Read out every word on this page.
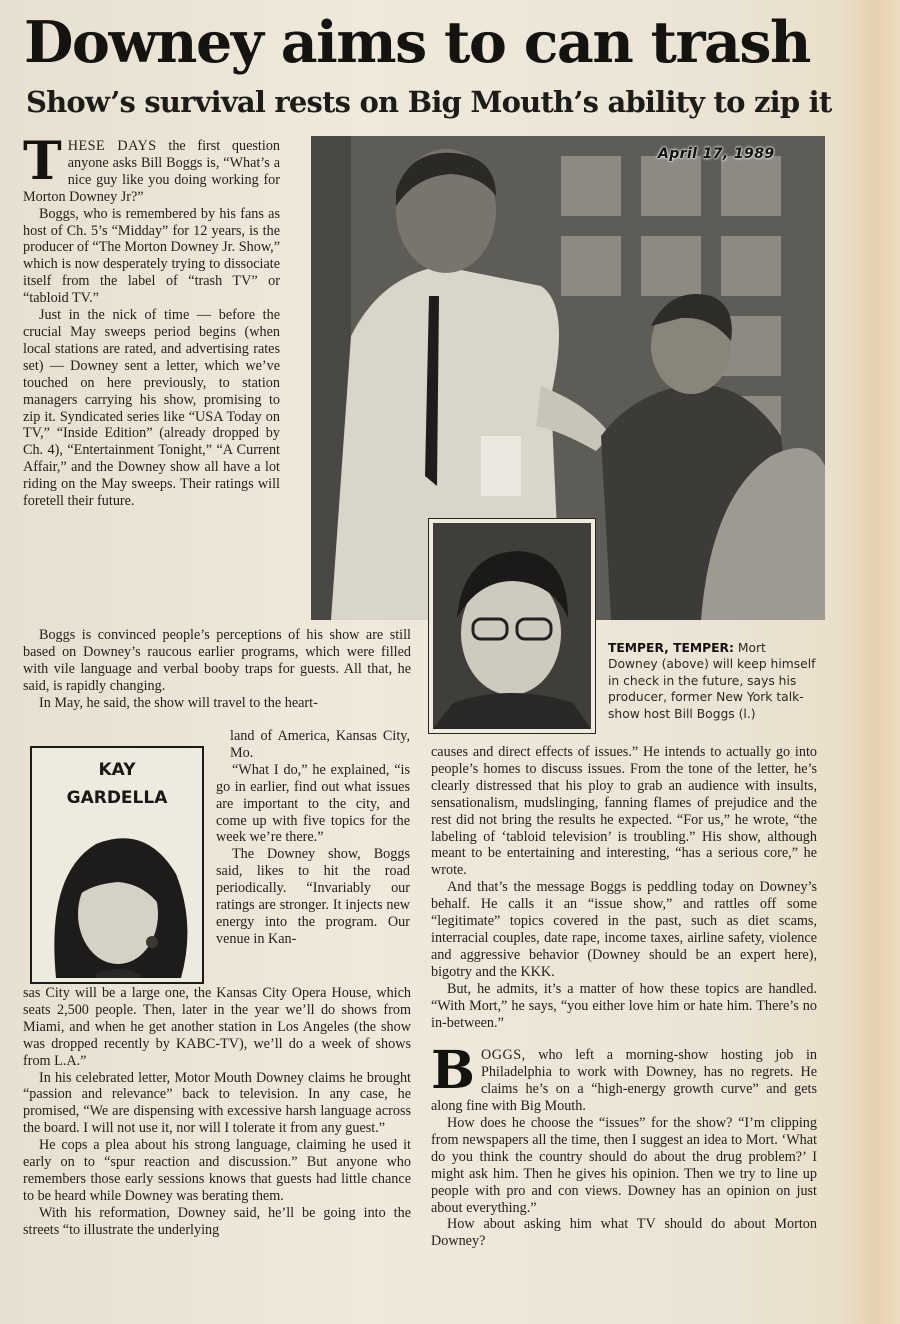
Downey aims to can trash
Show’s survival rests on Big Mouth’s ability to zip it
April 17, 1989
TEMPER, TEMPER: Mort Downey (above) will keep himself in check in the future, says his producer, former New York talk-show host Bill Boggs (l.)

THESE DAYS the first question anyone asks Bill Boggs is, “What’s a nice guy like you doing working for Morton Downey Jr?”

Boggs, who is remembered by his fans as host of Ch. 5’s “Midday” for 12 years, is the producer of “The Morton Downey Jr. Show,” which is now desperately trying to dissociate itself from the label of “trash TV” or “tabloid TV.”

Just in the nick of time — before the crucial May sweeps period begins (when local stations are rated, and advertising rates set) — Downey sent a letter, which we’ve touched on here previously, to station managers carrying his show, promising to zip it. Syndicated series like “USA Today on TV,” “Inside Edition” (already dropped by Ch. 4), “Entertainment Tonight,” “A Current Affair,” and the Downey show all have a lot riding on the May sweeps. Their ratings will foretell their future.

Boggs is convinced people’s perceptions of his show are still based on Downey’s raucous earlier programs, which were filled with vile language and verbal booby traps for guests. All that, he said, is rapidly changing.

In May, he said, the show will travel to the heart-

KAY
GARDELLA

land of America, Kansas City, Mo.

“What I do,” he explained, “is go in earlier, find out what issues are important to the city, and come up with five topics for the week we’re there.”

The Downey show, Boggs said, likes to hit the road periodically. “Invariably our ratings are stronger. It injects new energy into the program. Our venue in Kan-

sas City will be a large one, the Kansas City Opera House, which seats 2,500 people. Then, later in the year we’ll do shows from Miami, and when he get another station in Los Angeles (the show was dropped recently by KABC-TV), we’ll do a week of shows from L.A.”

In his celebrated letter, Motor Mouth Downey claims he brought “passion and relevance” back to television. In any case, he promised, “We are dispensing with excessive harsh language across the board. I will not use it, nor will I tolerate it from any guest.”

He cops a plea about his strong language, claiming he used it early on to “spur reaction and discussion.” But anyone who remembers those early sessions knows that guests had little chance to be heard while Downey was berating them.

With his reformation, Downey said, he’ll be going into the streets “to illustrate the underlying

causes and direct effects of issues.” He intends to actually go into people’s homes to discuss issues. From the tone of the letter, he’s clearly distressed that his ploy to grab an audience with insults, sensationalism, mudslinging, fanning flames of prejudice and the rest did not bring the results he expected. “For us,” he wrote, “the labeling of ‘tabloid television’ is troubling.” His show, although meant to be entertaining and interesting, “has a serious core,” he wrote.

And that’s the message Boggs is peddling today on Downey’s behalf. He calls it an “issue show,” and rattles off some “legitimate” topics covered in the past, such as diet scams, interracial couples, date rape, income taxes, airline safety, violence and aggressive behavior (Downey should be an expert here), bigotry and the KKK.

But, he admits, it’s a matter of how these topics are handled. “With Mort,” he says, “you either love him or hate him. There’s no in-between.”

BOGGS, who left a morning-show hosting job in Philadelphia to work with Downey, has no regrets. He claims he’s on a “high-energy growth curve” and gets along fine with Big Mouth.

How does he choose the “issues” for the show? “I’m clipping from newspapers all the time, then I suggest an idea to Mort. ‘What do you think the country should do about the drug problem?’ I might ask him. Then he gives his opinion. Then we try to line up people with pro and con views. Downey has an opinion on just about everything.”

How about asking him what TV should do about Morton Downey?
